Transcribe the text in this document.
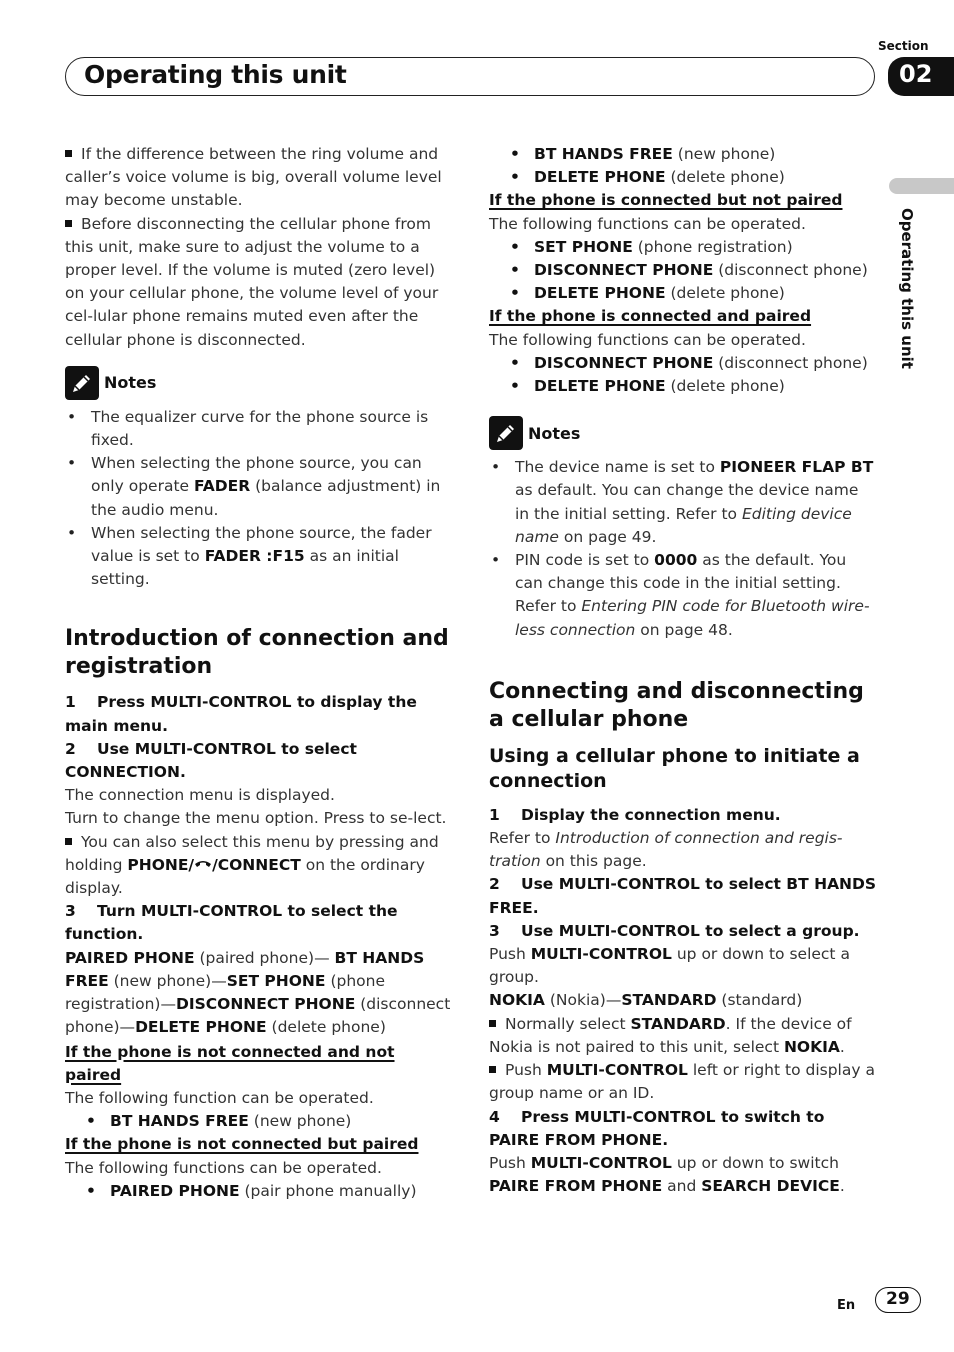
Section
Operating this unit	02
Operating this unit

If the difference between the ring volume and caller’s voice volume is big, overall volume level may become unstable.

Before disconnecting the cellular phone from this unit, make sure to adjust the volume to a proper level. If the volume is muted (zero level) on your cellular phone, the volume level of your cel-lular phone remains muted even after the cellular phone is disconnected.

Notes
• The equalizer curve for the phone source is fixed.
• When selecting the phone source, you can only operate FADER (balance adjustment) in the audio menu.
• When selecting the phone source, the fader value is set to FADER :F15 as an initial setting.
Introduction of connection and registration

1 Press MULTI-CONTROL to display the main menu.

2 Use MULTI-CONTROL to select CONNECTION.

The connection menu is displayed.

Turn to change the menu option. Press to se-lect.

You can also select this menu by pressing and holding PHONE/ /CONNECT on the ordinary display.

3 Turn MULTI-CONTROL to select the function.

PAIRED PHONE (paired phone)— BT HANDS FREE (new phone)—SET PHONE (phone registration)—DISCONNECT PHONE (disconnect phone)—DELETE PHONE (delete phone)

If the phone is not connected and not paired

The following function can be operated.

• BT HANDS FREE (new phone)

If the phone is not connected but paired

The following functions can be operated.

• PAIRED PHONE (pair phone manually)
• BT HANDS FREE (new phone)
• DELETE PHONE (delete phone)

If the phone is connected but not paired

The following functions can be operated.

• SET PHONE (phone registration)
• DISCONNECT PHONE (disconnect phone)
• DELETE PHONE (delete phone)

If the phone is connected and paired

The following functions can be operated.

• DISCONNECT PHONE (disconnect phone)
• DELETE PHONE (delete phone)
Notes
• The device name is set to PIONEER FLAP BT as default. You can change the device name in the initial setting. Refer to Editing device name on page 49.
• PIN code is set to 0000 as the default. You can change this code in the initial setting. Refer to Entering PIN code for Bluetooth wire-less connection on page 48.
Connecting and disconnecting a cellular phone
Using a cellular phone to initiate a connection

1 Display the connection menu.

Refer to Introduction of connection and regis-tration on this page.

2 Use MULTI-CONTROL to select BT HANDS FREE.

3 Use MULTI-CONTROL to select a group.

Push MULTI-CONTROL up or down to select a group.

NOKIA (Nokia)—STANDARD (standard)

Normally select STANDARD. If the device of Nokia is not paired to this unit, select NOKIA.

Push MULTI-CONTROL left or right to display a group name or an ID.

4 Press MULTI-CONTROL to switch to PAIRE FROM PHONE.

Push MULTI-CONTROL up or down to switch PAIRE FROM PHONE and SEARCH DEVICE.

En 29
